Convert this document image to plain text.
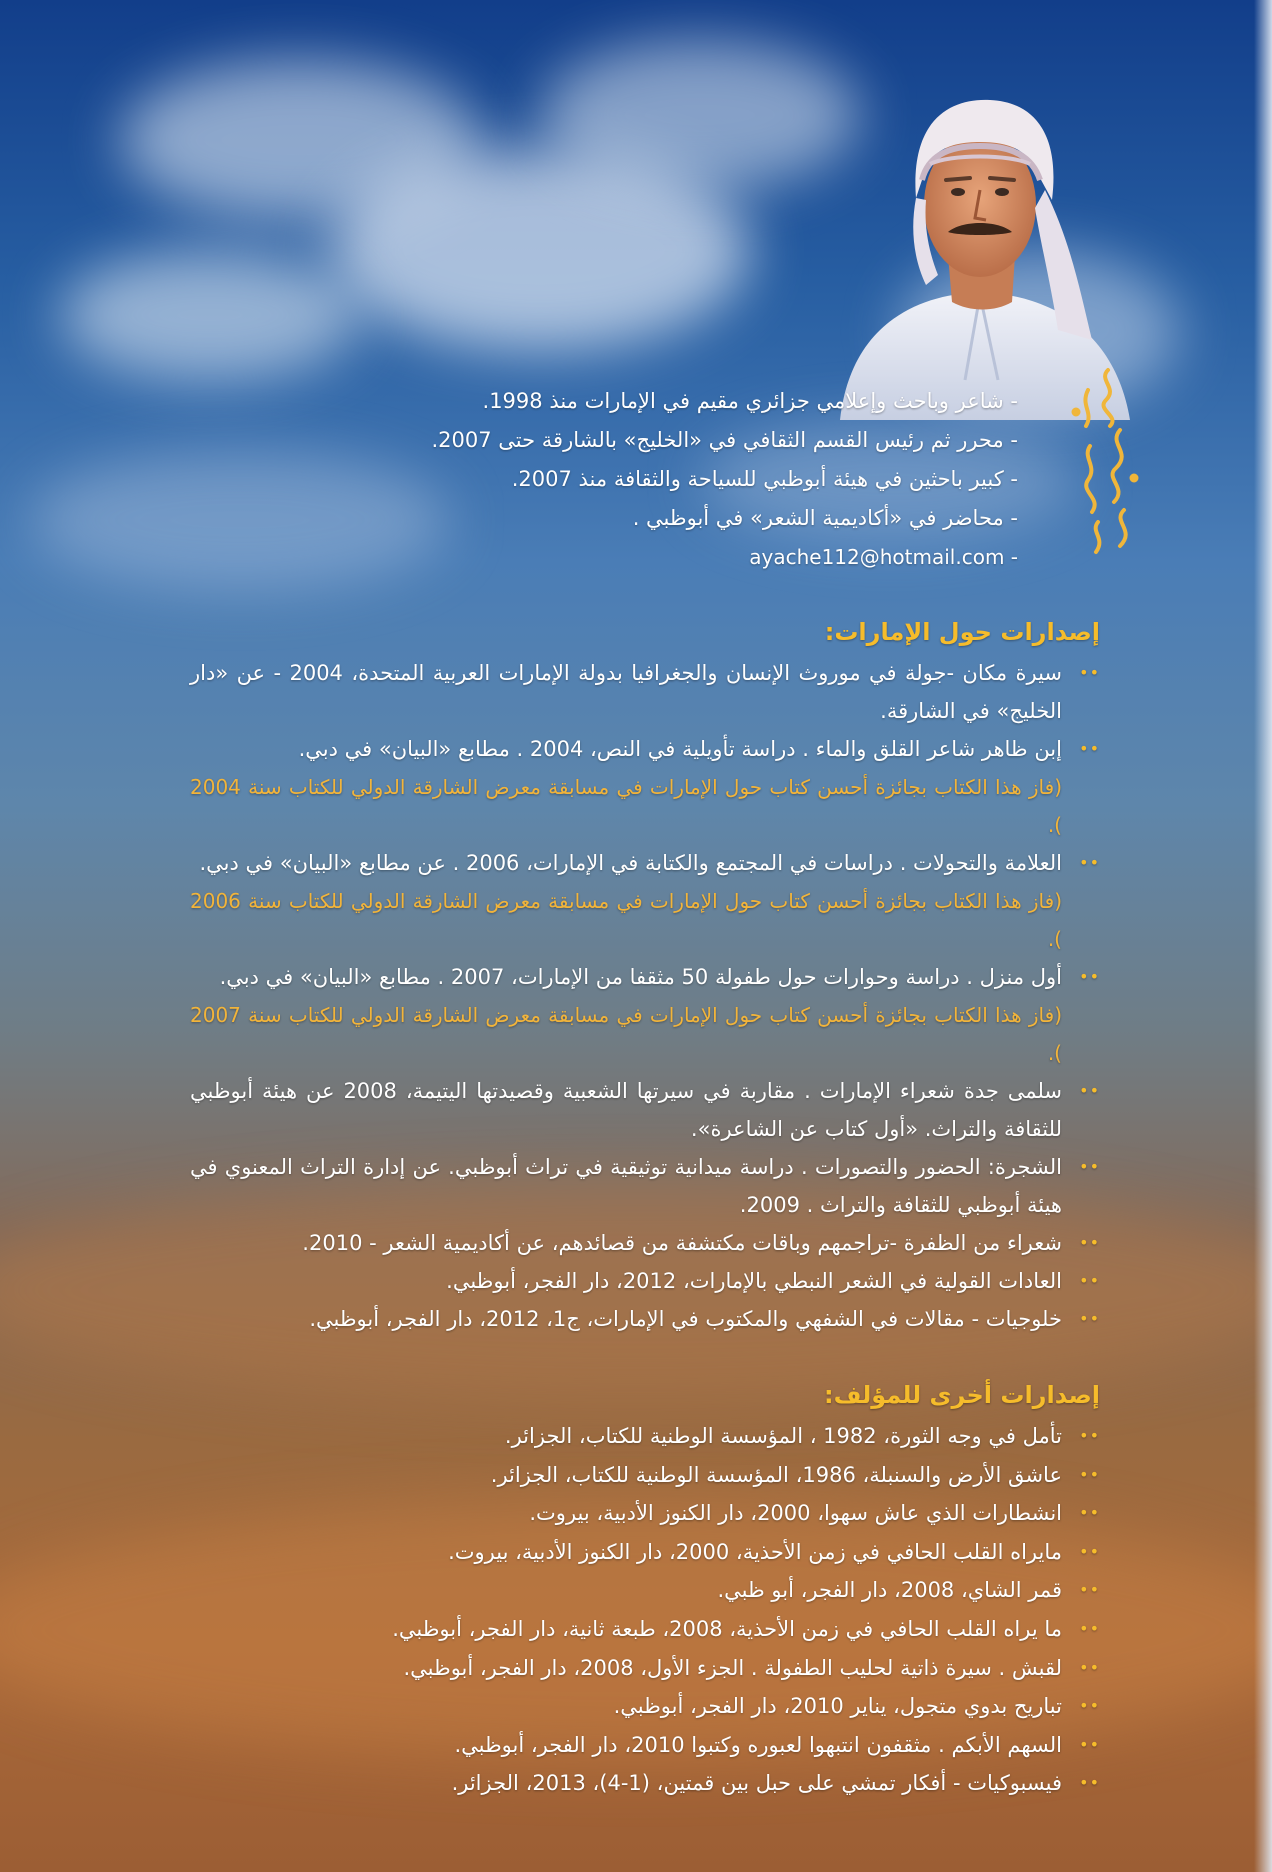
- شاعر وباحث وإعلامي جزائري مقيم في الإمارات منذ 1998.
- محرر ثم رئيس القسم الثقافي في «الخليج» بالشارقة حتى 2007.
- كبير باحثين في هيئة أبوظبي للسياحة والثقافة منذ 2007.
- محاضر في «أكاديمية الشعر» في أبوظبي .
ayache112@hotmail.com -
إصدارات حول الإمارات:
••
سيرة مكان -جولة في موروث الإنسان والجغرافيا بدولة الإمارات العربية المتحدة، 2004 - عن «دار الخليج» في الشارقة.
••
إبن ظاهر شاعر القلق والماء . دراسة تأويلية في النص، 2004 . مطابع «البيان» في دبي.
(فاز هذا الكتاب بجائزة أحسن كتاب حول الإمارات في مسابقة معرض الشارقة الدولي للكتاب سنة 2004 ).
••
العلامة والتحولات . دراسات في المجتمع والكتابة في الإمارات، 2006 . عن مطابع «البيان» في دبي.
(فاز هذا الكتاب بجائزة أحسن كتاب حول الإمارات في مسابقة معرض الشارقة الدولي للكتاب سنة 2006 ).
••
أول منزل . دراسة وحوارات حول طفولة 50 مثقفا من الإمارات، 2007 . مطابع «البيان» في دبي.
(فاز هذا الكتاب بجائزة أحسن كتاب حول الإمارات في مسابقة معرض الشارقة الدولي للكتاب سنة 2007 ).
••
سلمى جدة شعراء الإمارات . مقاربة في سيرتها الشعبية وقصيدتها اليتيمة، 2008 عن هيئة أبوظبي للثقافة والتراث. «أول كتاب عن الشاعرة».
••
الشجرة: الحضور والتصورات . دراسة ميدانية توثيقية في تراث أبوظبي. عن إدارة التراث المعنوي في هيئة أبوظبي للثقافة والتراث . 2009.
••
شعراء من الظفرة -تراجمهم وباقات مكتشفة من قصائدهم، عن أكاديمية الشعر - 2010.
••
العادات القولية في الشعر النبطي بالإمارات، 2012، دار الفجر، أبوظبي.
••
خلوجيات - مقالات في الشفهي والمكتوب في الإمارات، ج1، 2012، دار الفجر، أبوظبي.
إصدارات أخرى للمؤلف:
••
تأمل في وجه الثورة، 1982 ، المؤسسة الوطنية للكتاب، الجزائر.
••
عاشق الأرض والسنبلة، 1986، المؤسسة الوطنية للكتاب، الجزائر.
••
انشطارات الذي عاش سهوا، 2000، دار الكنوز الأدبية، بيروت.
••
مايراه القلب الحافي في زمن الأحذية، 2000، دار الكنوز الأدبية، بيروت.
••
قمر الشاي، 2008، دار الفجر، أبو ظبي.
••
ما يراه القلب الحافي في زمن الأحذية، 2008، طبعة ثانية، دار الفجر، أبوظبي.
••
لقبش . سيرة ذاتية لحليب الطفولة . الجزء الأول، 2008، دار الفجر، أبوظبي.
••
تباريح بدوي متجول، يناير 2010، دار الفجر، أبوظبي.
••
السهم الأبكم . مثقفون انتبهوا لعبوره وكتبوا 2010، دار الفجر، أبوظبي.
••
فيسبوكيات - أفكار تمشي على حبل بين قمتين، (1-4)، 2013، الجزائر.
